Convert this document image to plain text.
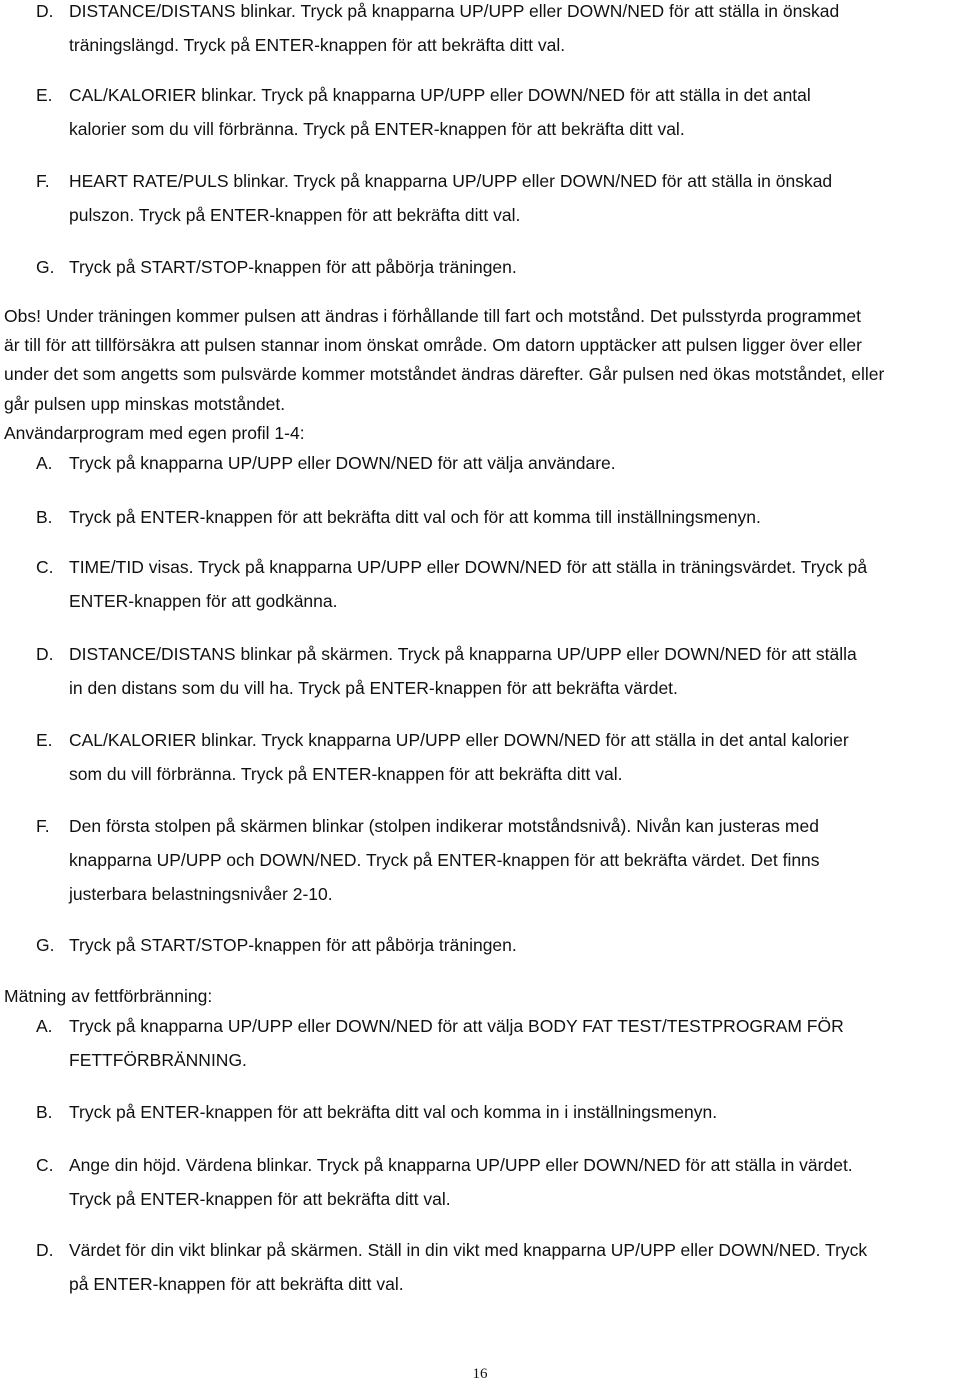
D. DISTANCE/DISTANS blinkar. Tryck på knapparna UP/UPP eller DOWN/NED för att ställa in önskad
träningslängd. Tryck på ENTER-knappen för att bekräfta ditt val.
E. CAL/KALORIER blinkar. Tryck på knapparna UP/UPP eller DOWN/NED för att ställa in det antal
kalorier som du vill förbränna. Tryck på ENTER-knappen för att bekräfta ditt val.
F.	HEART RATE/PULS blinkar. Tryck på knapparna UP/UPP eller DOWN/NED för att ställa in önskad
pulszon. Tryck på ENTER-knappen för att bekräfta ditt val.
G. Tryck på START/STOP-knappen för att påbörja träningen.
Obs! Under träningen kommer pulsen att ändras i förhållande till fart och motstånd. Det pulsstyrda programmet
är till för att tillförsäkra att pulsen stannar inom önskat område. Om datorn upptäcker att pulsen ligger över eller
under det som angetts som pulsvärde kommer motståndet ändras därefter. Går pulsen ned ökas motståndet, eller
går pulsen upp minskas motståndet.
Användarprogram med egen profil 1-4:
A. Tryck på knapparna UP/UPP eller DOWN/NED för att välja användare.
B. Tryck på ENTER-knappen för att bekräfta ditt val och för att komma till inställningsmenyn.
C. TIME/TID visas. Tryck på knapparna UP/UPP eller DOWN/NED för att ställa in träningsvärdet. Tryck på
ENTER-knappen för att godkänna.
D. DISTANCE/DISTANS blinkar på skärmen. Tryck på knapparna UP/UPP eller DOWN/NED för att ställa
in den distans som du vill ha. Tryck på ENTER-knappen för att bekräfta värdet.
E. CAL/KALORIER blinkar. Tryck knapparna UP/UPP eller DOWN/NED för att ställa in det antal kalorier
som du vill förbränna. Tryck på ENTER-knappen för att bekräfta ditt val.
F.	Den första stolpen på skärmen blinkar (stolpen indikerar motståndsnivå). Nivån kan justeras med
knapparna UP/UPP och DOWN/NED. Tryck på ENTER-knappen för att bekräfta värdet. Det finns
justerbara belastningsnivåer 2-10.
G. Tryck på START/STOP-knappen för att påbörja träningen.
Mätning av fettförbränning:
A. Tryck på knapparna UP/UPP eller DOWN/NED för att välja BODY FAT TEST/TESTPROGRAM FÖR
FETTFÖRBRÄNNING.
B. Tryck på ENTER-knappen för att bekräfta ditt val och komma in i inställningsmenyn.
C. Ange din höjd. Värdena blinkar. Tryck på knapparna UP/UPP eller DOWN/NED för att ställa in värdet.
Tryck på ENTER-knappen för att bekräfta ditt val.
D. Värdet för din vikt blinkar på skärmen. Ställ in din vikt med knapparna UP/UPP eller DOWN/NED. Tryck
på ENTER-knappen för att bekräfta ditt val.
16
